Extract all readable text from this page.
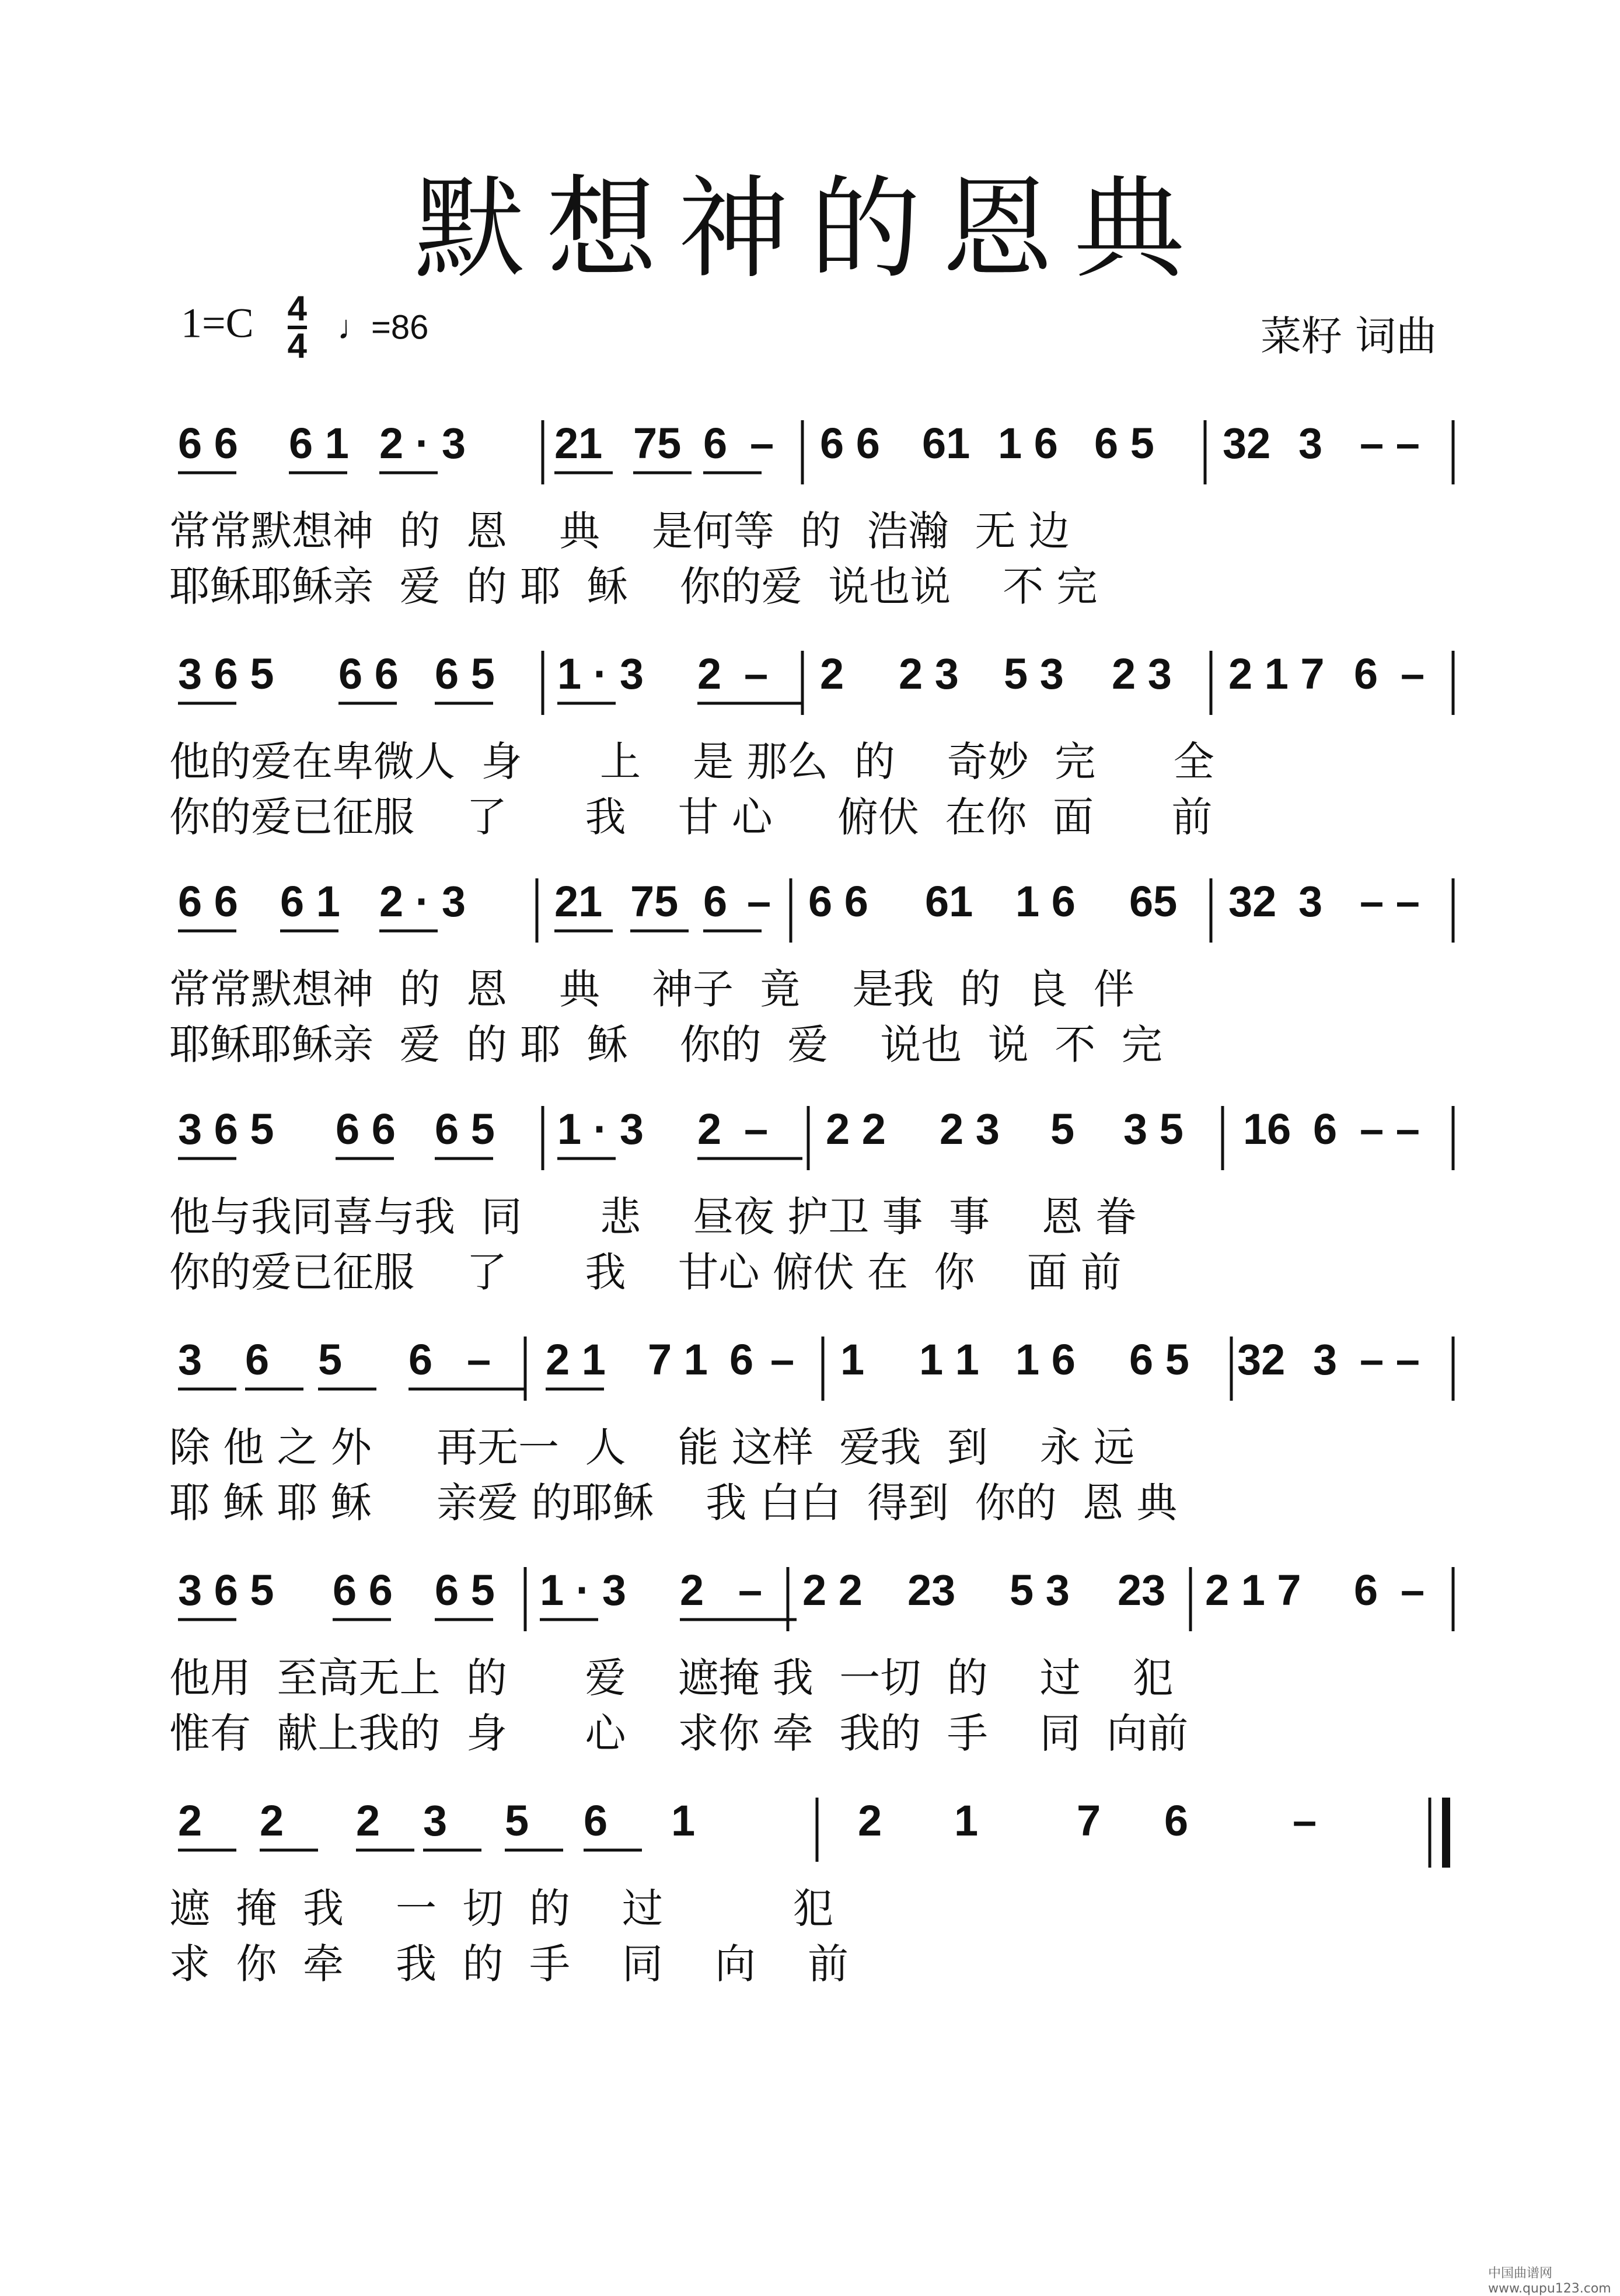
默想神的恩典
$1=C \frac{4}{4}$ ♩=86	菜籽 词曲
6 6 6 1 2 · 3 21 75 6 – 6 6 61 1 6 6 5 32 3 – –
常常默想神  的  恩    典    是何等  的  浩瀚  无 边
耶稣耶稣亲  爱  的 耶  稣    你的爱  说也说    不 完
3 6 5 6 6 6 5 1 · 3 2 – 2 2 3 5 3 2 3 2 1 7 6 –
他的爱在卑微人  身      上    是 那么  的    奇妙  完      全
你的爱已征服    了      我    甘 心     俯伏  在你  面      前
6 6 6 1 2 · 3 21 75 6 – 6 6 61 1 6 65 32 3 – –
常常默想神  的  恩    典    神子  竟    是我  的  良  伴
耶稣耶稣亲  爱  的 耶  稣    你的  爱    说也  说  不  完
3 6 5 6 6 6 5 1 · 3 2 – 2 2 2 3 5 3 5 16 6 – –
他与我同喜与我  同      悲    昼夜 护卫 事  事    恩 眷
你的爱已征服    了      我    甘心 俯伏 在  你    面 前
3 6 5 6 – 2 1 7 1 6 – 1 1 1 1 6 6 5 32 3 – –
除 他 之 外     再无一  人    能 这样  爱我  到    永 远
耶 稣 耶 稣     亲爱 的耶稣    我 白白  得到  你的  恩 典
3 6 5 6 6 6 5 1 · 3 2 – 2 2 23 5 3 23 2 1 7 6 –
他用  至高无上  的      爱    遮掩 我  一切  的    过    犯
惟有  献上我的  身      心    求你 牵  我的  手    同  向前
2 2 2 3 5 6 1	2 1 7 6 –
遮  掩  我    一  切  的    过          犯
求  你  牵    我  的  手    同    向    前
中国曲谱网 www.qupu123.com
